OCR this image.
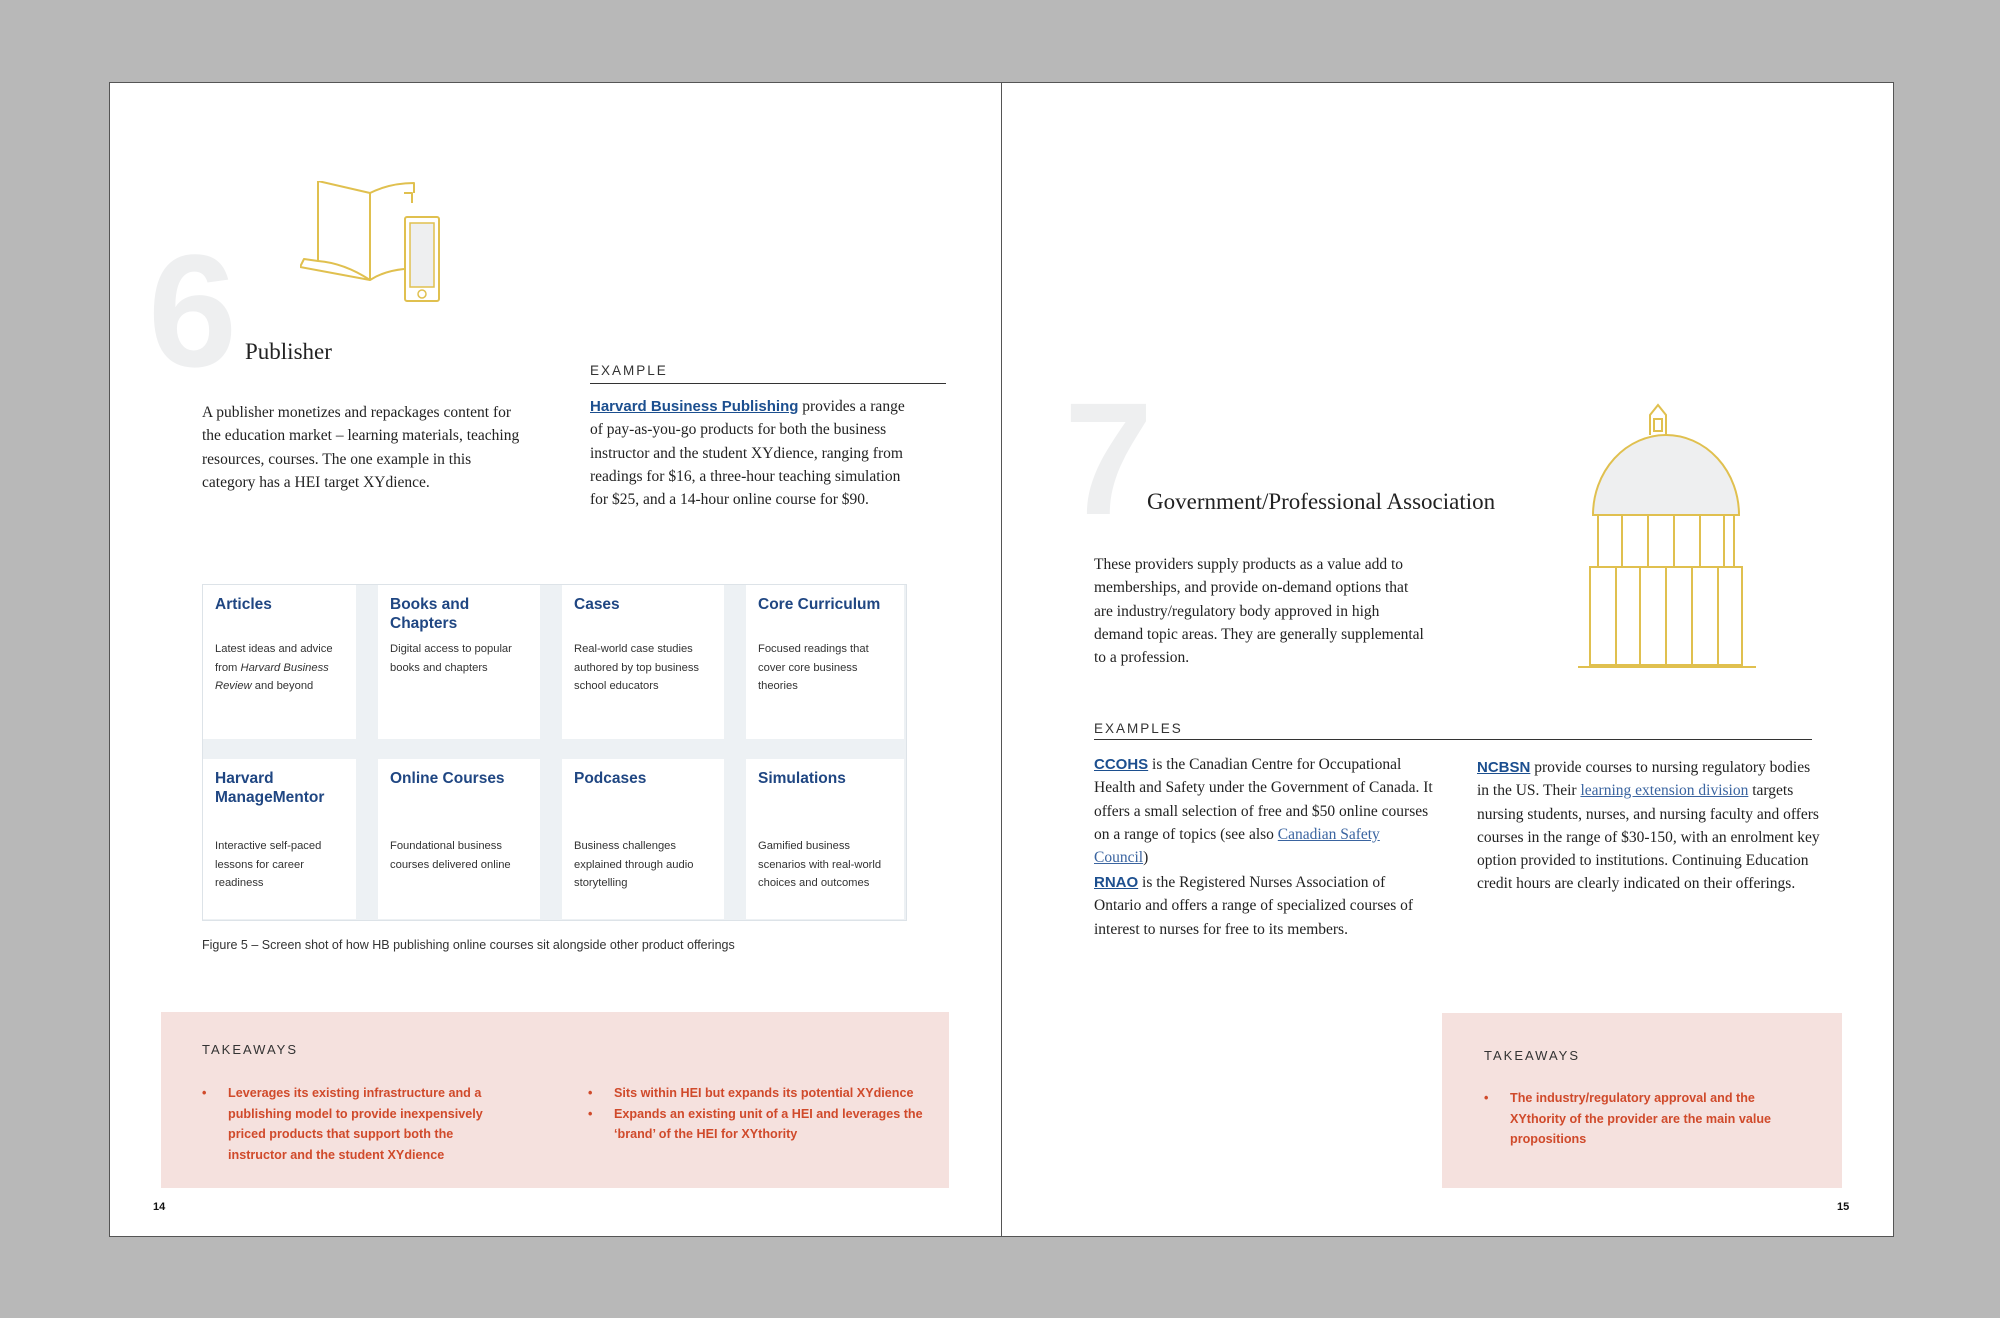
6 Publisher

A publisher monetizes and repackages content for the education market – learning materials, teaching resources, courses. The one example in this category has a HEI target XYdience.

EXAMPLE

Harvard Business Publishing provides a range of pay-as-you-go products for both the business instructor and the student XYdience, ranging from readings for $16, a three-hour teaching simulation for $25, and a 14-hour online course for $90.

Articles

Latest ideas and advice from Harvard Business Review and beyond

Books and Chapters

Digital access to popular books and chapters

Cases

Real-world case studies authored by top business school educators

Core Curriculum

Focused readings that cover core business theories

Harvard ManageMentor

Interactive self-paced lessons for career readiness

Online Courses

Foundational business courses delivered online

Podcases

Business challenges explained through audio storytelling

Simulations

Gamified business scenarios with real-world choices and outcomes

Figure 5 – Screen shot of how HB publishing online courses sit alongside other product offerings
TAKEAWAYS
• Leverages its existing infrastructure and a publishing model to provide inexpensively priced products that support both the instructor and the student XYdience
• Sits within HEI but expands its potential XYdience
• Expands an existing unit of a HEI and leverages the ‘brand’ of the HEI for XYthority
14
7
Government/Professional Association

These providers supply products as a value add to memberships, and provide on-demand options that are industry/regulatory body approved in high demand topic areas. They are generally supplemental to a profession.

EXAMPLES

CCOHS is the Canadian Centre for Occupational Health and Safety under the Government of Canada. It offers a small selection of free and $50 online courses on a range of topics (see also Canadian Safety Council)

RNAO is the Registered Nurses Association of Ontario and offers a range of specialized courses of interest to nurses for free to its members.

NCBSN provide courses to nursing regulatory bodies in the US. Their learning extension division targets nursing students, nurses, and nursing faculty and offers courses in the range of $30-150, with an enrolment key option provided to institutions. Continuing Education credit hours are clearly indicated on their offerings.

TAKEAWAYS
• The industry/regulatory approval and the XYthority of the provider are the main value propositions
15
